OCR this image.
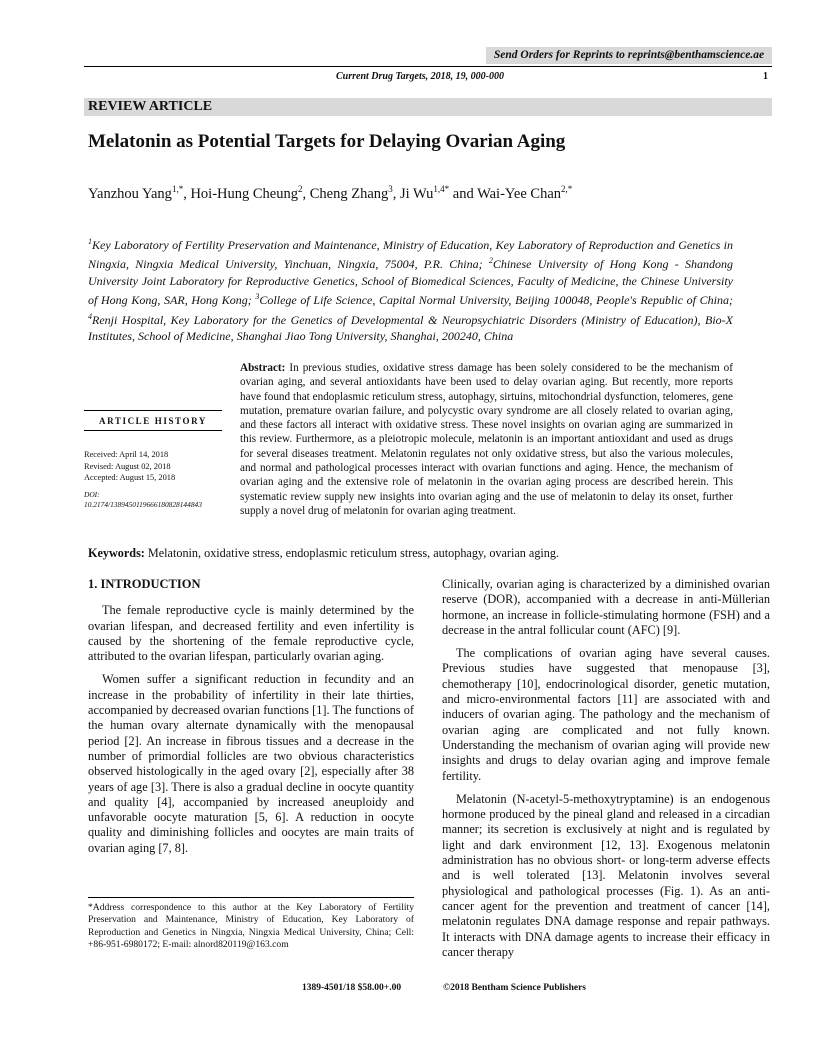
Send Orders for Reprints to reprints@benthamscience.ae
Current Drug Targets, 2018, 19, 000-000	1
REVIEW ARTICLE
Melatonin as Potential Targets for Delaying Ovarian Aging
Yanzhou Yang$^{1,*}$, Hoi-Hung Cheung$^2$, Cheng Zhang$^3$, Ji $Wu^{1,4*}$ and Wai-Yee Chan$^{2,*}$
$^1$Key Laboratory of Fertility Preservation and Maintenance, Ministry of Education, Key Laboratory of Reproduction and Genetics in Ningxia, Ningxia Medical University, Yinchuan, Ningxia, 75004, P.R. China; $^2$Chinese University of Hong Kong - Shandong University Joint Laboratory for Reproductive Genetics, School of Biomedical Sciences, Faculty of Medicine, the Chinese University of Hong Kong, SAR, Hong Kong; $^3$College of Life Science, Capital Normal University, Beijing 100048, People's Republic of China; $^4$Renji Hospital, Key Laboratory for the Genetics of Developmental & Neuropsychiatric Disorders (Ministry of Education), Bio-X Institutes, School of Medicine, Shanghai Jiao Tong University, Shanghai, 200240, China
Abstract: In previous studies, oxidative stress damage has been solely considered to be the mechanism of ovarian aging, and several antioxidants have been used to delay ovarian aging. But recently, more reports have found that endoplasmic reticulum stress, autophagy, sirtuins, mitochondrial dysfunction, telomeres, gene mutation, premature ovarian failure, and polycystic ovary syndrome are all closely related to ovarian aging, and these factors all interact with oxidative stress. These novel insights on ovarian aging are summarized in this review. Furthermore, as a pleiotropic molecule, melatonin is an important antioxidant and used as drugs for several diseases treatment. Melatonin regulates not only oxidative stress, but also the various molecules, and normal and pathological processes interact with ovarian functions and aging. Hence, the mechanism of ovarian aging and the extensive role of melatonin in the ovarian aging process are described herein. This systematic review supply new insights into ovarian aging and the use of melatonin to delay its onset, further supply a novel drug of melatonin for ovarian aging treatment.
ARTICLE HISTORY
Received: April 14, 2018
Revised: August 02, 2018
Accepted: August 15, 2018
DOI:
10.2174/1389450119666180828144843
Keywords: Melatonin, oxidative stress, endoplasmic reticulum stress, autophagy, ovarian aging.
1. INTRODUCTION

The female reproductive cycle is mainly determined by the ovarian lifespan, and decreased fertility and even infertility is caused by the shortening of the female reproductive cycle, attributed to the ovarian lifespan, particularly ovarian aging.

Women suffer a significant reduction in fecundity and an increase in the probability of infertility in their late thirties, accompanied by decreased ovarian functions [1]. The functions of the human ovary alternate dynamically with the menopausal period [2]. An increase in fibrous tissues and a decrease in the number of primordial follicles are two obvious characteristics observed histologically in the aged ovary [2], especially after 38 years of age [3]. There is also a gradual decline in oocyte quantity and quality [4], accompanied by increased aneuploidy and unfavorable oocyte maturation [5, 6]. A reduction in oocyte quality and diminishing follicles and oocytes are main traits of ovarian aging [7, 8].

Clinically, ovarian aging is characterized by a diminished ovarian reserve (DOR), accompanied with a decrease in anti-Müllerian hormone, an increase in follicle-stimulating hormone (FSH) and a decrease in the antral follicular count (AFC) [9].

The complications of ovarian aging have several causes. Previous studies have suggested that menopause [3], chemotherapy [10], endocrinological disorder, genetic mutation, and micro-environmental factors [11] are associated with and inducers of ovarian aging. The pathology and the mechanism of ovarian aging are complicated and not fully known. Understanding the mechanism of ovarian aging will provide new insights and drugs to delay ovarian aging and improve female fertility.

Melatonin (N-acetyl-5-methoxytryptamine) is an endogenous hormone produced by the pineal gland and released in a circadian manner; its secretion is exclusively at night and is regulated by light and dark environment [12, 13]. Exogenous melatonin administration has no obvious short- or long-term adverse effects and is well tolerated [13]. Melatonin involves several physiological and pathological processes (Fig. 1). As an anti-cancer agent for the prevention and treatment of cancer [14], melatonin regulates DNA damage response and repair pathways. It interacts with DNA damage agents to increase their efficacy in cancer therapy

*Address correspondence to this author at the Key Laboratory of Fertility Preservation and Maintenance, Ministry of Education, Key Laboratory of Reproduction and Genetics in Ningxia, Ningxia Medical University, China; Cell: +86-951-6980172; E-mail: alnord820119@163.com
1389-4501/18 $58.00+.00	©2018 Bentham Science Publishers
